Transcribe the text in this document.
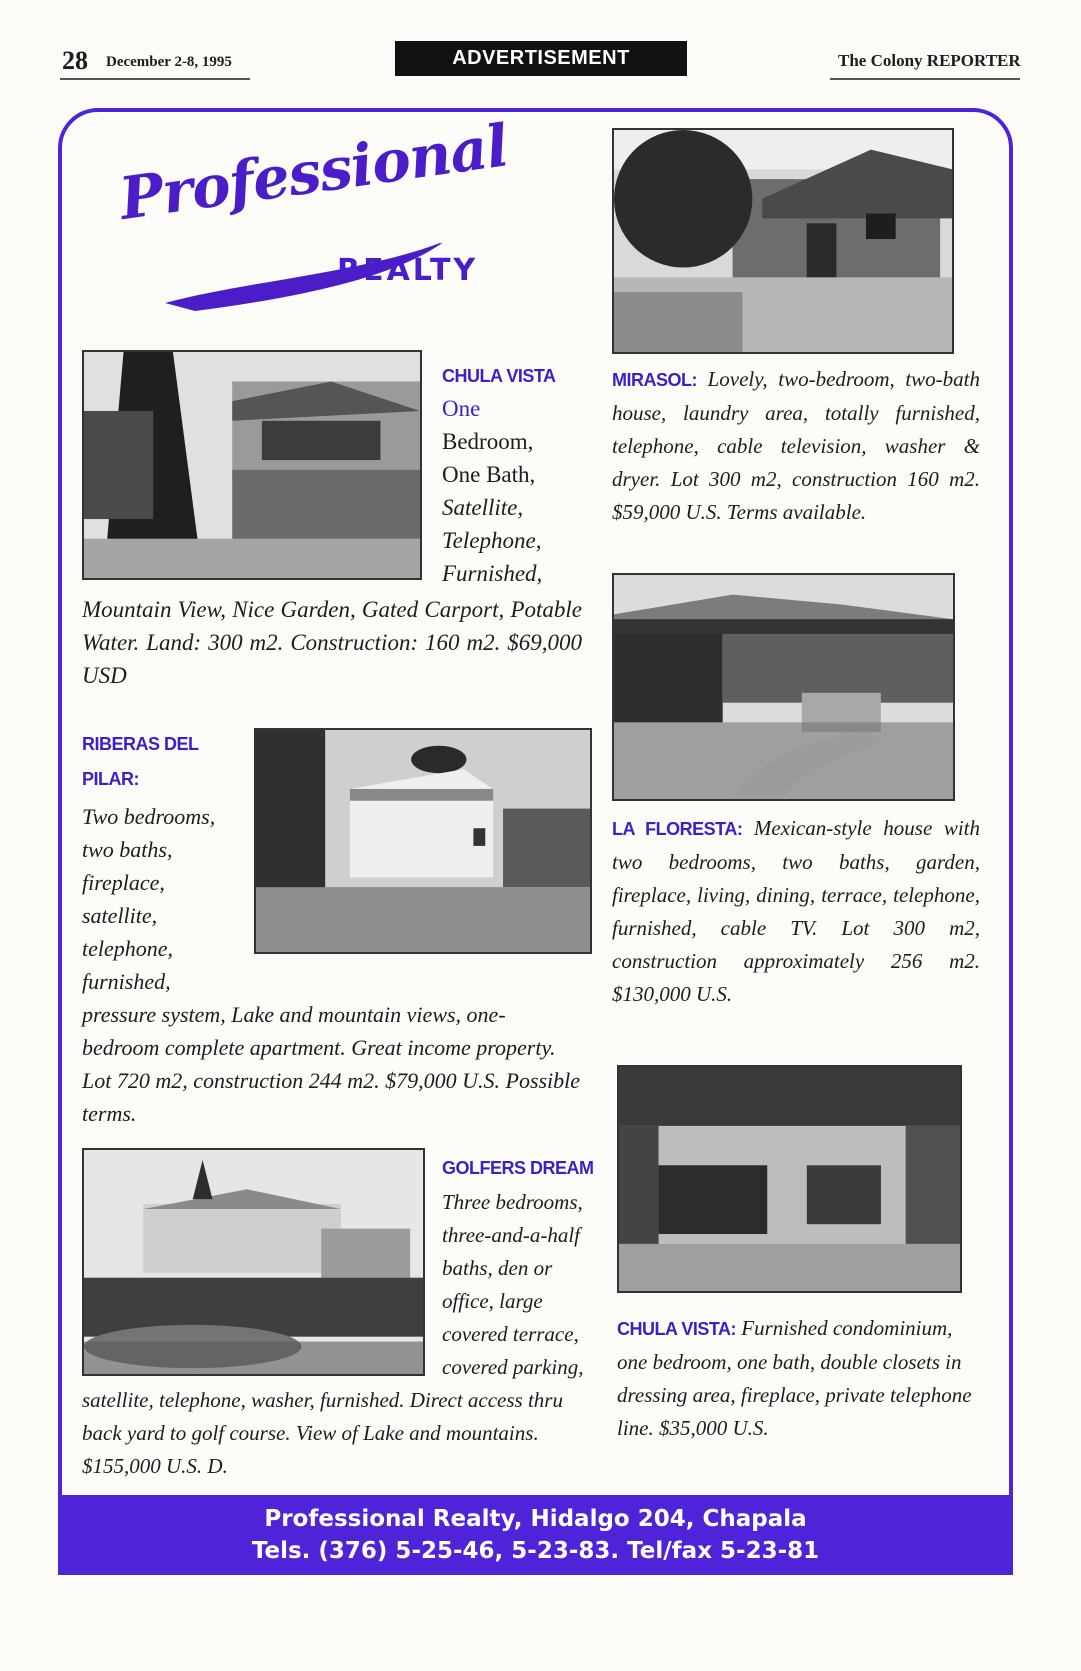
28 December 2-8, 1995	ADVERTISEMENT	The Colony REPORTER
Professional
REALTY
CHULA VISTA
One
Bedroom,
One Bath,
Satellite,
Telephone,
Furnished,
Mountain View, Nice Garden, Gated Carport, Potable Water. Land: 300 m2. Construction: 160 m2. $69,000 USD
MIRASOL: Lovely, two-bedroom, two-bath house, laundry area, totally furnished, telephone, cable television, washer & dryer. Lot 300 m2, construction 160 m2. $59,000 U.S. Terms available.
LA FLORESTA: Mexican-style house with two bedrooms, two baths, garden, fireplace, living, dining, terrace, telephone, furnished, cable TV. Lot 300 m2, construction approximately 256 m2. $130,000 U.S.
RIBERAS DEL
PILAR:
Two bedrooms,
two baths,
fireplace,
satellite,
telephone,
furnished,
pressure system, Lake and mountain views, one-bedroom complete apartment. Great income property. Lot 720 m2, construction 244 m2. $79,000 U.S. Possible terms.
CHULA VISTA: Furnished condominium, one bedroom, one bath, double closets in dressing area, fireplace, private telephone line. $35,000 U.S.
GOLFERS DREAM
Three bedrooms,
three-and-a-half
baths, den or
office, large
covered terrace,
covered parking,
satellite, telephone, washer, furnished. Direct access thru back yard to golf course. View of Lake and mountains. $155,000 U.S. D.
Professional Realty, Hidalgo 204, Chapala
Tels. (376) 5-25-46, 5-23-83. Tel/fax 5-23-81
